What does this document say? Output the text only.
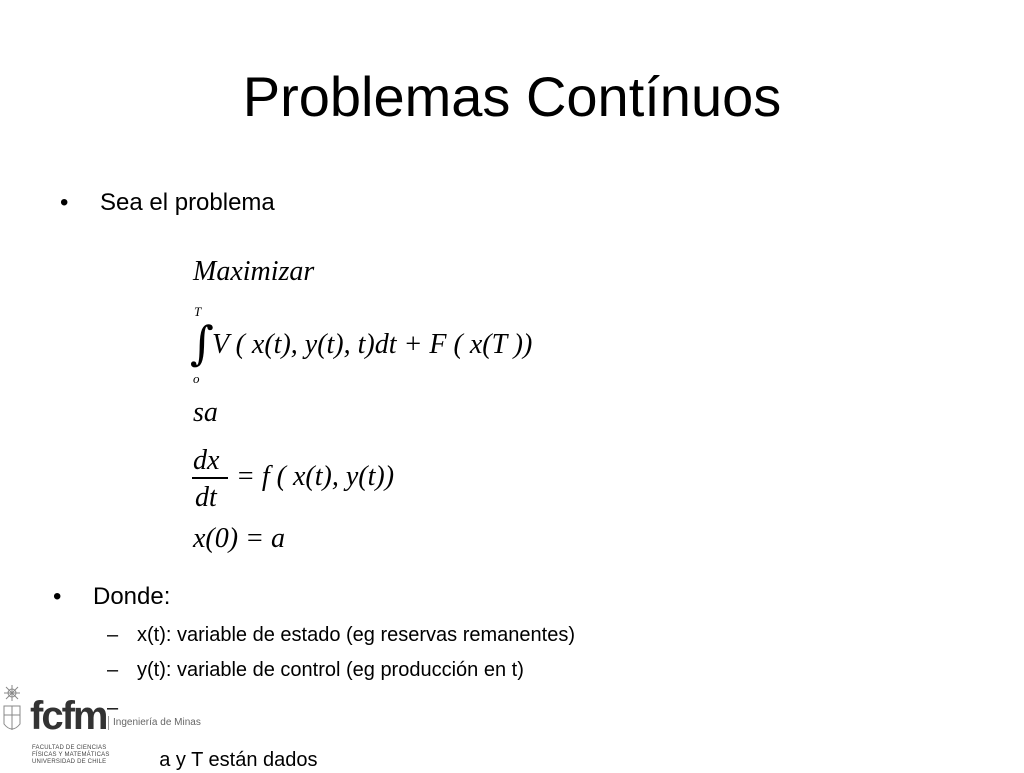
Problemas Contínuos
• Sea el problema
Maximizar
T
∫
o
V ( x(t), y(t), t)dt + F ( x(T ))
sa
dx
dt
= f ( x(t), y(t))
x(0) = a
• Donde:
– x(t): variable de estado (eg reservas remanentes)
– y(t): variable de control (eg producción en t)

–

a y T están dados

fcfm Ingeniería de Minas
FACULTAD DE CIENCIAS FÍSICAS Y MATEMÁTICAS UNIVERSIDAD DE CHILE
